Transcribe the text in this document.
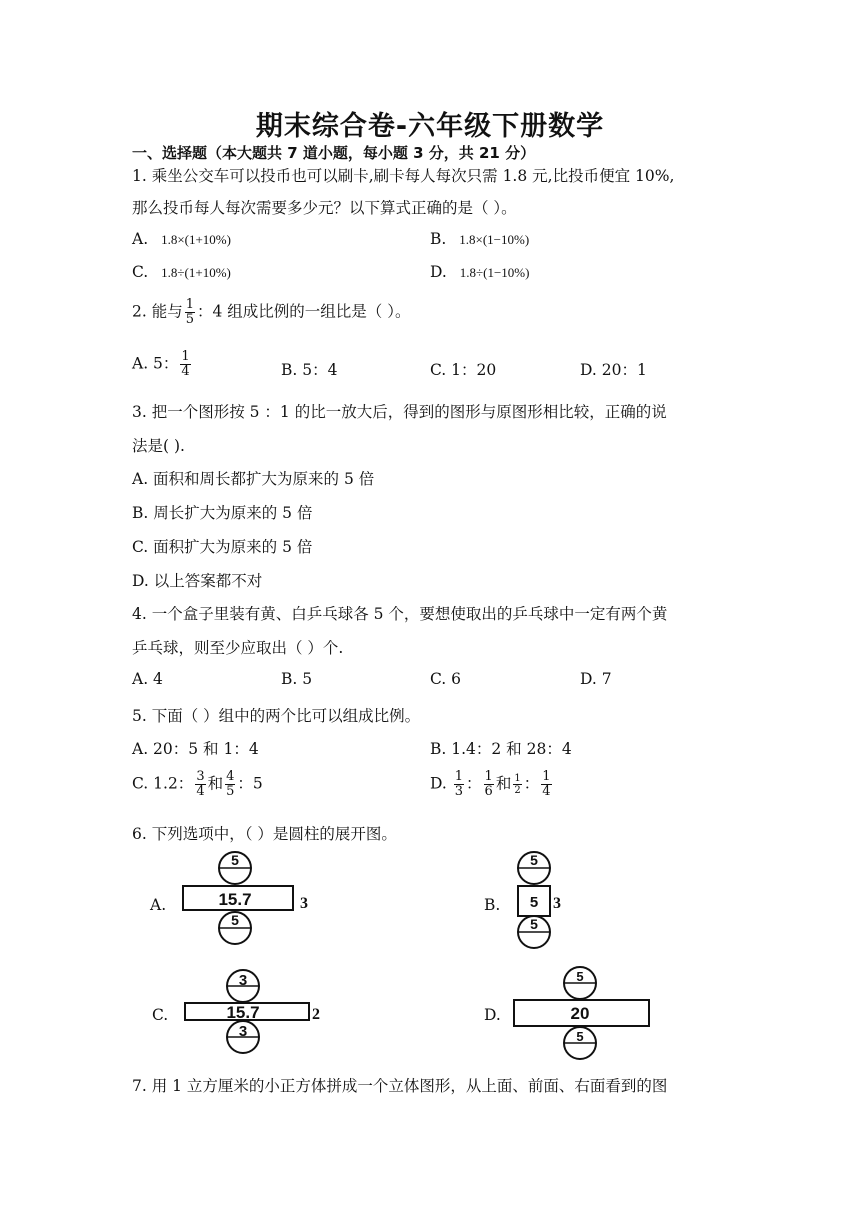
期末综合卷-六年级下册数学
一、选择题（本大题共 7 道小题，每小题 3 分，共 21 分）
1. 乘坐公交车可以投币也可以刷卡,刷卡每人每次只需 1.8 元,比投币便宜 10%,
那么投币每人每次需要多少元？以下算式正确的是（ ）。
A. 1.8×(1+10%)	B. 1.8×(1−10%)
C. 1.8÷(1+10%)	D. 1.8÷(1−10%)
2. 能与 $\frac{1}{5}$ ：4 组成比例的一组比是（ ）。
A. 5： $\frac{1}{4}$	B. 5：4	C. 1：20	D. 20：1
3. 把一个图形按 5 ：1 的比一放大后，得到的图形与原图形相比较，正确的说
法是( ).
A. 面积和周长都扩大为原来的 5 倍
B. 周长扩大为原来的 5 倍
C. 面积扩大为原来的 5 倍
D. 以上答案都不对
4. 一个盒子里装有黄、白乒乓球各 5 个，要想使取出的乒乓球中一定有两个黄
乒乓球，则至少应取出（ ）个.
A. 4	B. 5	C. 6	D. 7
5. 下面（ ）组中的两个比可以组成比例。
A. 20：5 和 1：4	B. 1.4：2 和 28：4
C. 1.2： $\frac{3}{4}$ 和 $\frac{4}{5}$ ：5	D. $\frac{1}{3}$ ： $\frac{1}{6}$ 和 $\frac{1}{2}$ ： $\frac{1}{4}$
6. 下列选项中，（ ）是圆柱的展开图。
A.
5
15.7	3
5
B.
5
5 3
5
C.
3
15.7	2
3
D.
5
20
5
7. 用 1 立方厘米的小正方体拼成一个立体图形，从上面、前面、右面看到的图
